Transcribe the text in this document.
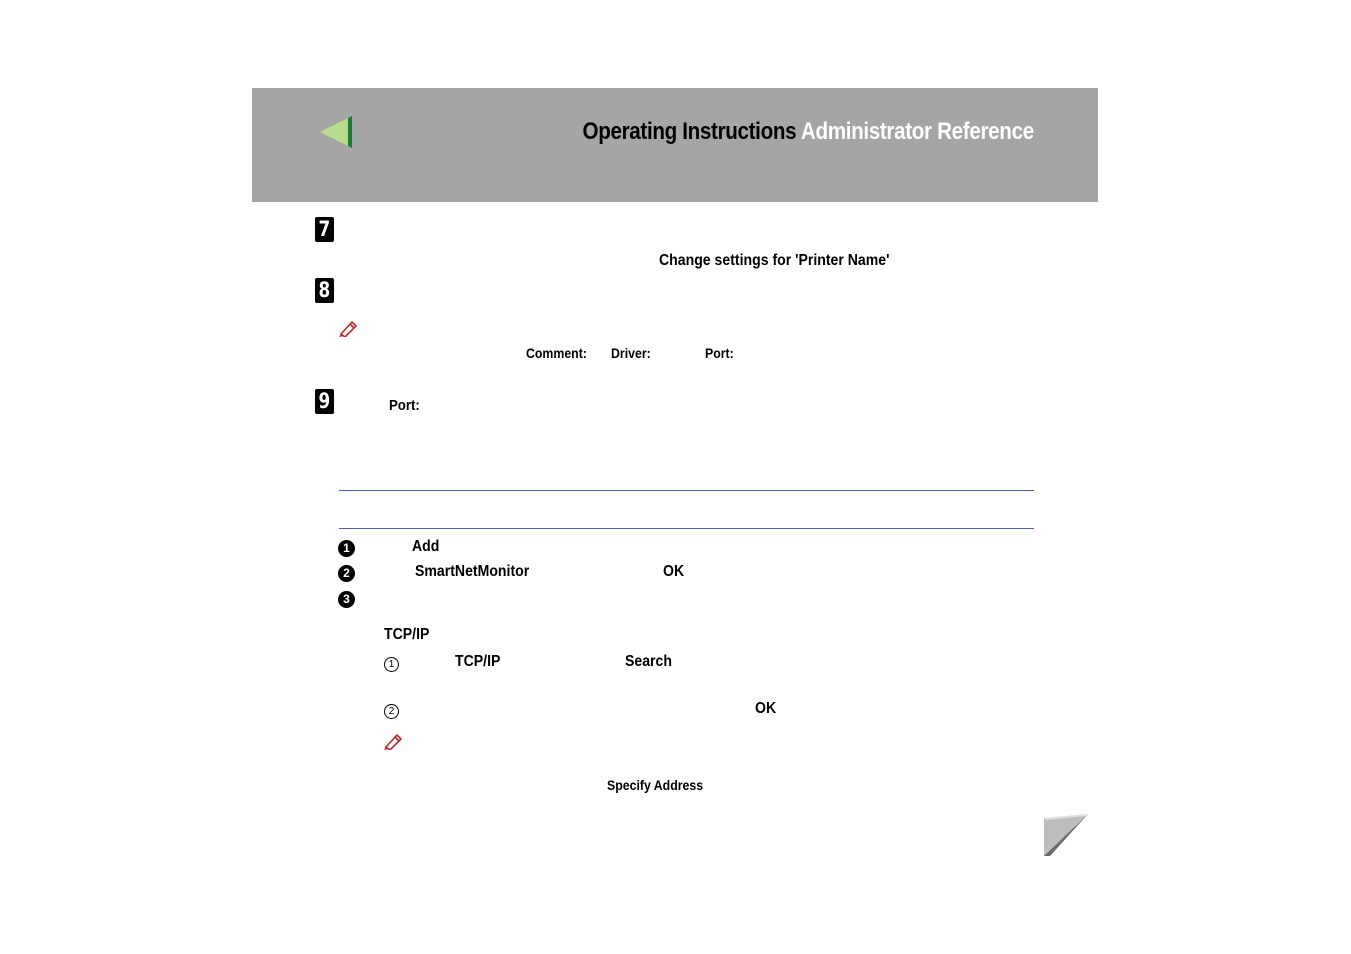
Operating Instructions Administrator Reference
7
Change settings for 'Printer Name'
8
Comment: Driver:	Port:
9	Port:
1	Add
2	SmartNetMonitor	OK
3
TCP/IP
1	TCP/IP	Search
2	OK
Specify Address
